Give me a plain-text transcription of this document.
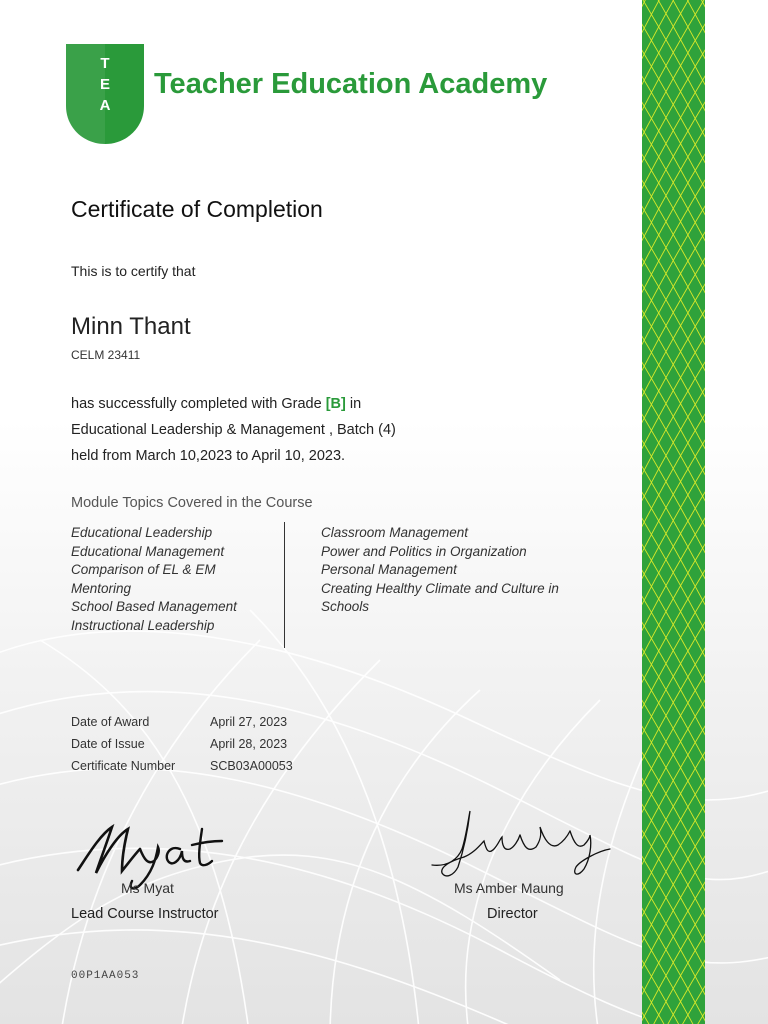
T
E
A
Teacher Education Academy
Certificate of Completion
This is to certify that
Minn Thant
CELM 23411
has successfully completed with Grade [B] in
Educational Leadership & Management , Batch (4)
held from March 10,2023 to April 10, 2023.
Module Topics Covered in the Course
Educational Leadership
Educational Management
Comparison of EL & EM
Mentoring
School Based Management
Instructional Leadership
Classroom Management
Power and Politics in Organization
Personal Management
Creating Healthy Climate and Culture in Schools
Date of Award	April 27, 2023
Date of Issue	April 28, 2023
Certificate Number	SCB03A00053
Ms Myat
Lead Course Instructor
Ms Amber Maung
Director
00P1AA053
